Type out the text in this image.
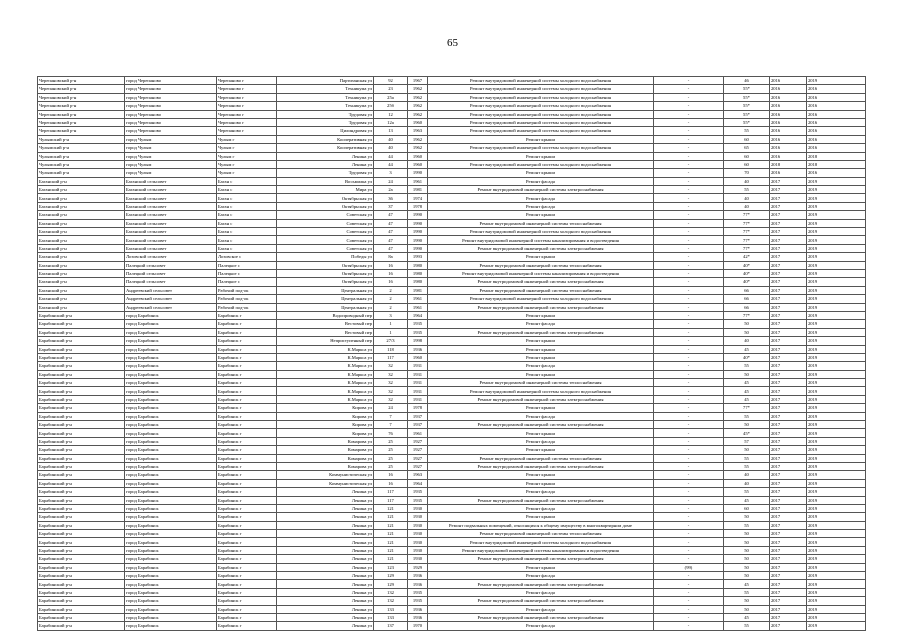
65
Черепановский р-н	город Черепаново	Черепаново г	Партизанская ул	92	1967	Ремонт внутридомовой инженерной системы холодного водоснабжения	-	46	2016	2019
Черепановский р-н	город Черепаново	Черепаново г	Техникума ул	23	1962	Ремонт внутридомовой инженерной системы холодного водоснабжения	-	55*	2016	2016
Черепановский р-н	город Черепаново	Черепаново г	Техникума ул	25а	1962	Ремонт внутридомовой инженерной системы холодного водоснабжения	-	55*	2016	2016
Черепановский р-н	город Черепаново	Черепаново г	Техникума ул	25б	1962	Ремонт внутридомовой инженерной системы холодного водоснабжения	-	55*	2016	2016
Черепановский р-н	город Черепаново	Черепаново г	Трудовая ул	12	1962	Ремонт внутридомовой инженерной системы холодного водоснабжения	-	55*	2016	2016
Черепановский р-н	город Черепаново	Черепаново г	Трудовая ул	12а	1960	Ремонт внутридомовой инженерной системы холодного водоснабжения	-	55*	2016	2016
Черепановский р-н	город Черепаново	Черепаново г	Цилиндровая ул	13	1963	Ремонт внутридомовой инженерной системы холодного водоснабжения	-	55	2016	2016
Чулымский р-н	город Чулым	Чулым г	Кооперативная ул	40	1962	Ремонт крыши	-	60	2016	2016
Чулымский р-н	город Чулым	Чулым г	Кооперативная ул	40	1962	Ремонт внутридомовой инженерной системы холодного водоснабжения	-	65	2016	2016
Чулымский р-н	город Чулым	Чулым г	Ленина ул	44	1960	Ремонт крыши	-	60	2016	2018
Чулымский р-н	город Чулым	Чулым г	Ленина ул	44	1960	Ремонт внутридомовой инженерной системы холодного водоснабжения	-	60	2018	2018
Чулымский р-н	город Чулым	Чулым г	Трудовая ул	3	1990	Ремонт крыши	-	70	2016	2016
Баганский р-н	Баганский сельсовет	Баган с	Восьмилка ул	24	1961	Ремонт фасада	-	40	2017	2019
Баганский р-н	Баганский сельсовет	Баган с	Мира ул	2а	1981	Ремонт внутридомовой инженерной системы электроснабжения	-	55	2017	2019
Баганский р-н	Баганский сельсовет	Баган с	Октябрьская ул	36	1974	Ремонт фасада	-	40	2017	2019
Баганский р-н	Баганский сельсовет	Баган с	Октябрьская ул	37	1978	Ремонт фасада	-	40	2017	2019
Баганский р-н	Баганский сельсовет	Баган с	Советская ул	47	1990	Ремонт крыши	-	77*	2017	2019
Баганский р-н	Баганский сельсовет	Баган с	Советская ул	47	1990	Ремонт внутридомовой инженерной системы теплоснабжения	-	77*	2017	2019
Баганский р-н	Баганский сельсовет	Баган с	Советская ул	47	1990	Ремонт внутридомовой инженерной системы холодного водоснабжения	-	77*	2017	2019
Баганский р-н	Баганский сельсовет	Баган с	Советская ул	47	1990	Ремонт внутридомовой инженерной системы канализирования и водоотведения	-	77*	2017	2019
Баганский р-н	Баганский сельсовет	Баган с	Советская ул	47	1990	Ремонт внутридомовой инженерной системы электроснабжения	-	77*	2017	2019
Баганский р-н	Лозовской сельсовет	Лозовское с	Победы ул	8а	1993	Ремонт крыши	-	42*	2017	2019
Баганский р-н	Палецкий сельсовет	Палецкое с	Октябрьская ул	16	1980	Ремонт внутридомовой инженерной системы теплоснабжения	-	40*	2017	2019
Баганский р-н	Палецкий сельсовет	Палецкое с	Октябрьская ул	16	1980	Ремонт внутридомовой инженерной системы канализирования и водоотведения	-	40*	2017	2019
Баганский р-н	Палецкий сельсовет	Палецкое с	Октябрьская ул	16	1980	Ремонт внутридомовой инженерной системы электроснабжения	-	40*	2017	2019
Баганский р-н	Андреевский сельсовет	Рабочий под-ок	Центральная ул	2	1981	Ремонт внутридомовой инженерной системы теплоснабжения	-	66	2017	2019
Баганский р-н	Андреевский сельсовет	Рабочий под-ок	Центральная ул	2	1961	Ремонт внутридомовой инженерной системы холодного водоснабжения	-	66	2017	2019
Баганский р-н	Андреевский сельсовет	Рабочий под-ок	Центральная ул	2	1961	Ремонт внутридомовой инженерной системы электроснабжения	-	66	2017	2019
Барабинский р-н	город Барабинск	Барабинск г	Водопроводный пер	3	1964	Ремонт крыши	-	77*	2017	2019
Барабинский р-н	город Барабинск	Барабинск г	Вестовый пер	1	1935	Ремонт фасада	-	50	2017	2019
Барабинский р-н	город Барабинск	Барабинск г	Вестовый пер	1	1935	Ремонт внутридомовой инженерной системы электроснабжения	-	50	2017	2019
Барабинский р-н	город Барабинск	Барабинск г	Неприступенный пер	27/3	1998	Ремонт крыши	-	40	2017	2019
Барабинский р-н	город Барабинск	Барабинск г	К.Маркса ул	118	1936	Ремонт крыши	-	45	2017	2019
Барабинский р-н	город Барабинск	Барабинск г	К.Маркса ул	117	1960	Ремонт крыши	-	40*	2017	2019
Барабинский р-н	город Барабинск	Барабинск г	К.Маркса ул	32	1931	Ремонт фасада	-	55	2017	2019
Барабинский р-н	город Барабинск	Барабинск г	К.Маркса ул	32	1931	Ремонт крыши	-	50	2017	2019
Барабинский р-н	город Барабинск	Барабинск г	К.Маркса ул	32	1931	Ремонт внутридомовой инженерной системы теплоснабжения	-	45	2017	2019
Барабинский р-н	город Барабинск	Барабинск г	К.Маркса ул	32	1931	Ремонт внутридомовой инженерной системы холодного водоснабжения	-	45	2017	2019
Барабинский р-н	город Барабинск	Барабинск г	К.Маркса ул	32	1931	Ремонт внутридомовой инженерной системы электроснабжения	-	45	2017	2019
Барабинский р-н	город Барабинск	Барабинск г	Кирова ул	24	1978	Ремонт крыши	-	77*	2017	2019
Барабинский р-н	город Барабинск	Барабинск г	Кирова ул	7	1937	Ремонт фасада	-	55	2017	2019
Барабинский р-н	город Барабинск	Барабинск г	Кирова ул	7	1937	Ремонт внутридомовой инженерной системы электроснабжения	-	50	2017	2019
Барабинский р-н	город Барабинск	Барабинск г	Кирова ул	76	1961	Ремонт крыши	-	45*	2017	2019
Барабинский р-н	город Барабинск	Барабинск г	Комарова ул	25	1927	Ремонт фасада	-	57	2017	2019
Барабинский р-н	город Барабинск	Барабинск г	Комарова ул	25	1927	Ремонт крыши	-	50	2017	2019
Барабинский р-н	город Барабинск	Барабинск г	Комарова ул	25	1927	Ремонт внутридомовой инженерной системы теплоснабжения	-	55	2017	2019
Барабинский р-н	город Барабинск	Барабинск г	Комарова ул	25	1927	Ремонт внутридомовой инженерной системы электроснабжения	-	55	2017	2019
Барабинский р-н	город Барабинск	Барабинск г	Коммунистическая ул	16	1963	Ремонт крыши	-	40	2017	2019
Барабинский р-н	город Барабинск	Барабинск г	Коммунистическая ул	16	1964	Ремонт крыши	-	40	2017	2019
Барабинский р-н	город Барабинск	Барабинск г	Ленина ул	117	1935	Ремонт фасада	-	55	2017	2019
Барабинский р-н	город Барабинск	Барабинск г	Ленина ул	117	1935	Ремонт внутридомовой инженерной системы электроснабжения	-	45	2017	2019
Барабинский р-н	город Барабинск	Барабинск г	Ленина ул	121	1930	Ремонт фасада	-	60	2017	2019
Барабинский р-н	город Барабинск	Барабинск г	Ленина ул	121	1930	Ремонт крыши	-	50	2017	2019
Барабинский р-н	город Барабинск	Барабинск г	Ленина ул	121	1930	Ремонт подвальных помещений, относящихся к общему имуществу в многоквартирном доме	-	55	2017	2019
Барабинский р-н	город Барабинск	Барабинск г	Ленина ул	121	1930	Ремонт внутридомовой инженерной системы теплоснабжения	-	50	2017	2019
Барабинский р-н	город Барабинск	Барабинск г	Ленина ул	121	1930	Ремонт внутридомовой инженерной системы холодного водоснабжения	-	50	2017	2019
Барабинский р-н	город Барабинск	Барабинск г	Ленина ул	121	1930	Ремонт внутридомовой инженерной системы канализирования и водоотведения	-	50	2017	2019
Барабинский р-н	город Барабинск	Барабинск г	Ленина ул	121	1930	Ремонт внутридомовой инженерной системы электроснабжения	-	50	2017	2019
Барабинский р-н	город Барабинск	Барабинск г	Ленина ул	123	1929	Ремонт крыши	(99)	50	2017	2019
Барабинский р-н	город Барабинск	Барабинск г	Ленина ул	129	1936	Ремонт фасада	-	50	2017	2019
Барабинский р-н	город Барабинск	Барабинск г	Ленина ул	129	1936	Ремонт внутридомовой инженерной системы электроснабжения	-	45	2017	2019
Барабинский р-н	город Барабинск	Барабинск г	Ленина ул	132	1935	Ремонт фасада	-	55	2017	2019
Барабинский р-н	город Барабинск	Барабинск г	Ленина ул	132	1935	Ремонт внутридомовой инженерной системы электроснабжения	-	50	2017	2019
Барабинский р-н	город Барабинск	Барабинск г	Ленина ул	133	1936	Ремонт фасада	-	50	2017	2019
Барабинский р-н	город Барабинск	Барабинск г	Ленина ул	133	1936	Ремонт внутридомовой инженерной системы электроснабжения	-	45	2017	2019
Барабинский р-н	город Барабинск	Барабинск г	Ленина ул	137	1970	Ремонт фасада	-	55	2017	2019
